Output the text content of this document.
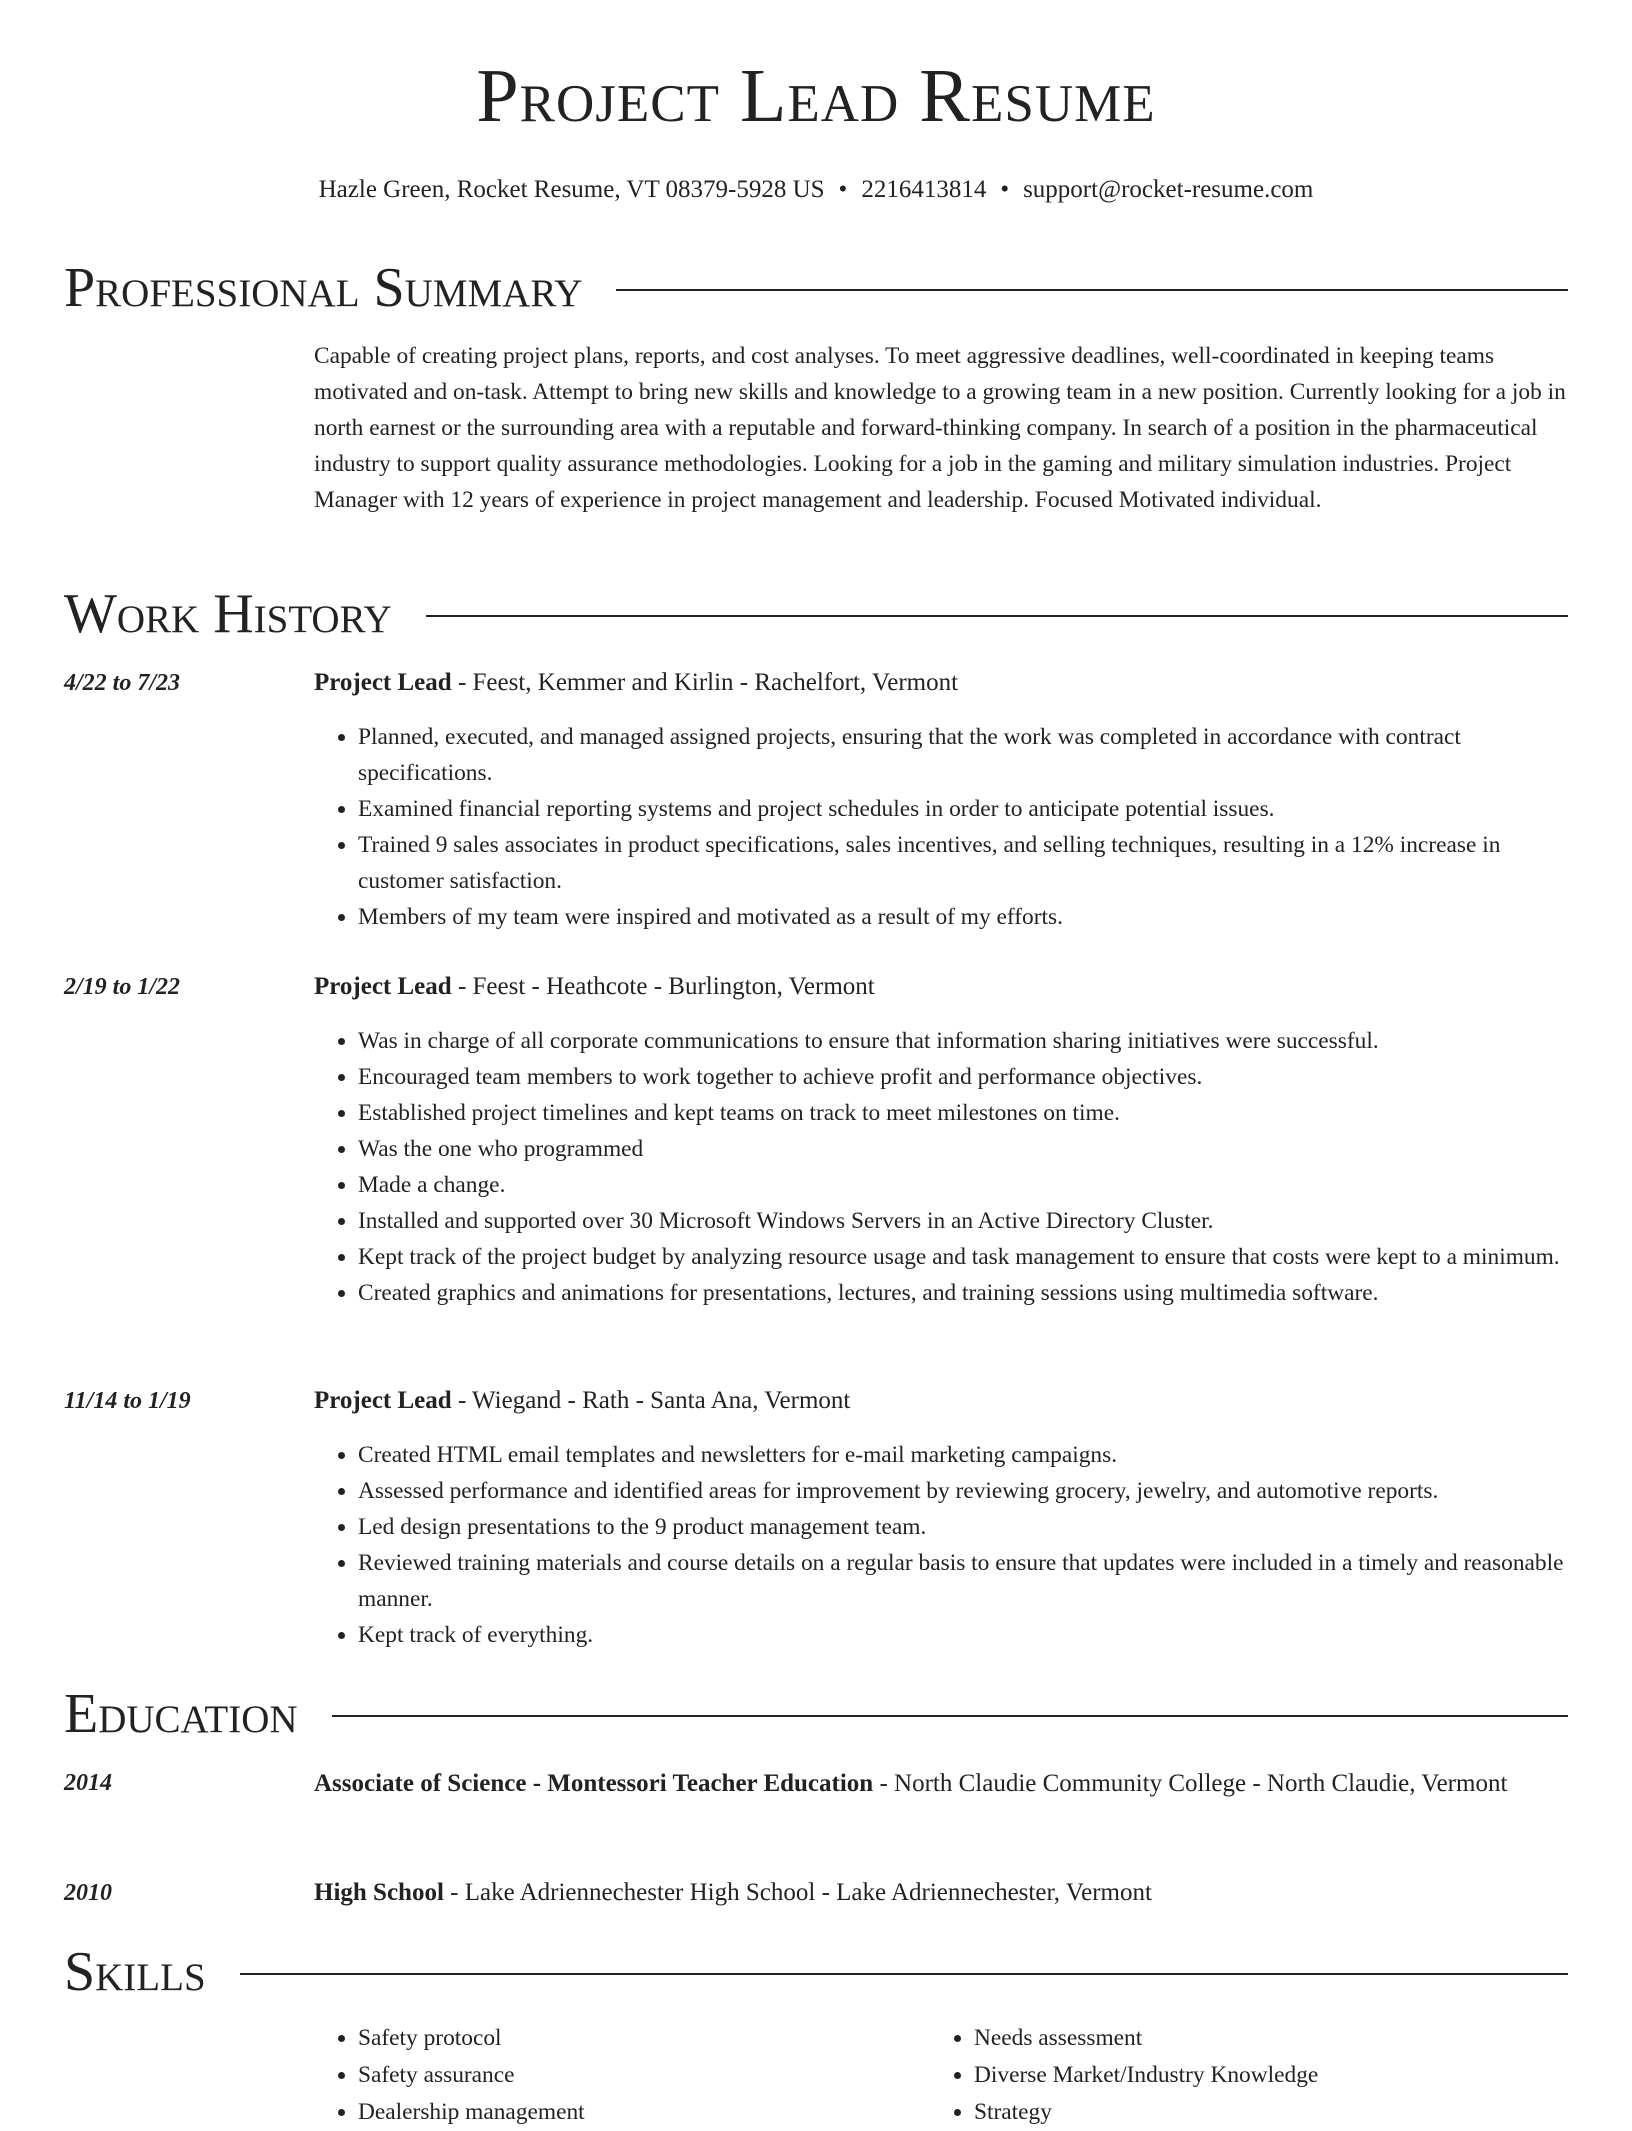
Project Lead Resume
Hazle Green, Rocket Resume, VT 08379-5928 US • 2216413814 • support@rocket-resume.com
Professional Summary
Capable of creating project plans, reports, and cost analyses. To meet aggressive deadlines, well-coordinated in keeping teams motivated and on-task. Attempt to bring new skills and knowledge to a growing team in a new position. Currently looking for a job in north earnest or the surrounding area with a reputable and forward-thinking company. In search of a position in the pharmaceutical industry to support quality assurance methodologies. Looking for a job in the gaming and military simulation industries. Project Manager with 12 years of experience in project management and leadership. Focused Motivated individual.
Work History
4/22 to 7/23	Project Lead - Feest, Kemmer and Kirlin - Rachelfort, Vermont
• Planned, executed, and managed assigned projects, ensuring that the work was completed in accordance with contract specifications.
• Examined financial reporting systems and project schedules in order to anticipate potential issues.
• Trained 9 sales associates in product specifications, sales incentives, and selling techniques, resulting in a 12% increase in customer satisfaction.
• Members of my team were inspired and motivated as a result of my efforts.
2/19 to 1/22	Project Lead - Feest - Heathcote - Burlington, Vermont
• Was in charge of all corporate communications to ensure that information sharing initiatives were successful.
• Encouraged team members to work together to achieve profit and performance objectives.
• Established project timelines and kept teams on track to meet milestones on time.
• Was the one who programmed
• Made a change.
• Installed and supported over 30 Microsoft Windows Servers in an Active Directory Cluster.
• Kept track of the project budget by analyzing resource usage and task management to ensure that costs were kept to a minimum.
• Created graphics and animations for presentations, lectures, and training sessions using multimedia software.
11/14 to 1/19	Project Lead - Wiegand - Rath - Santa Ana, Vermont
• Created HTML email templates and newsletters for e-mail marketing campaigns.
• Assessed performance and identified areas for improvement by reviewing grocery, jewelry, and automotive reports.
• Led design presentations to the 9 product management team.
• Reviewed training materials and course details on a regular basis to ensure that updates were included in a timely and reasonable manner.
• Kept track of everything.
Education
2014	Associate of Science - Montessori Teacher Education - North Claudie Community College - North Claudie, Vermont
2010	High School - Lake Adriennechester High School - Lake Adriennechester, Vermont
Skills
• Safety protocol
• Safety assurance
• Dealership management
• Needs assessment
• Diverse Market/Industry Knowledge
• Strategy
